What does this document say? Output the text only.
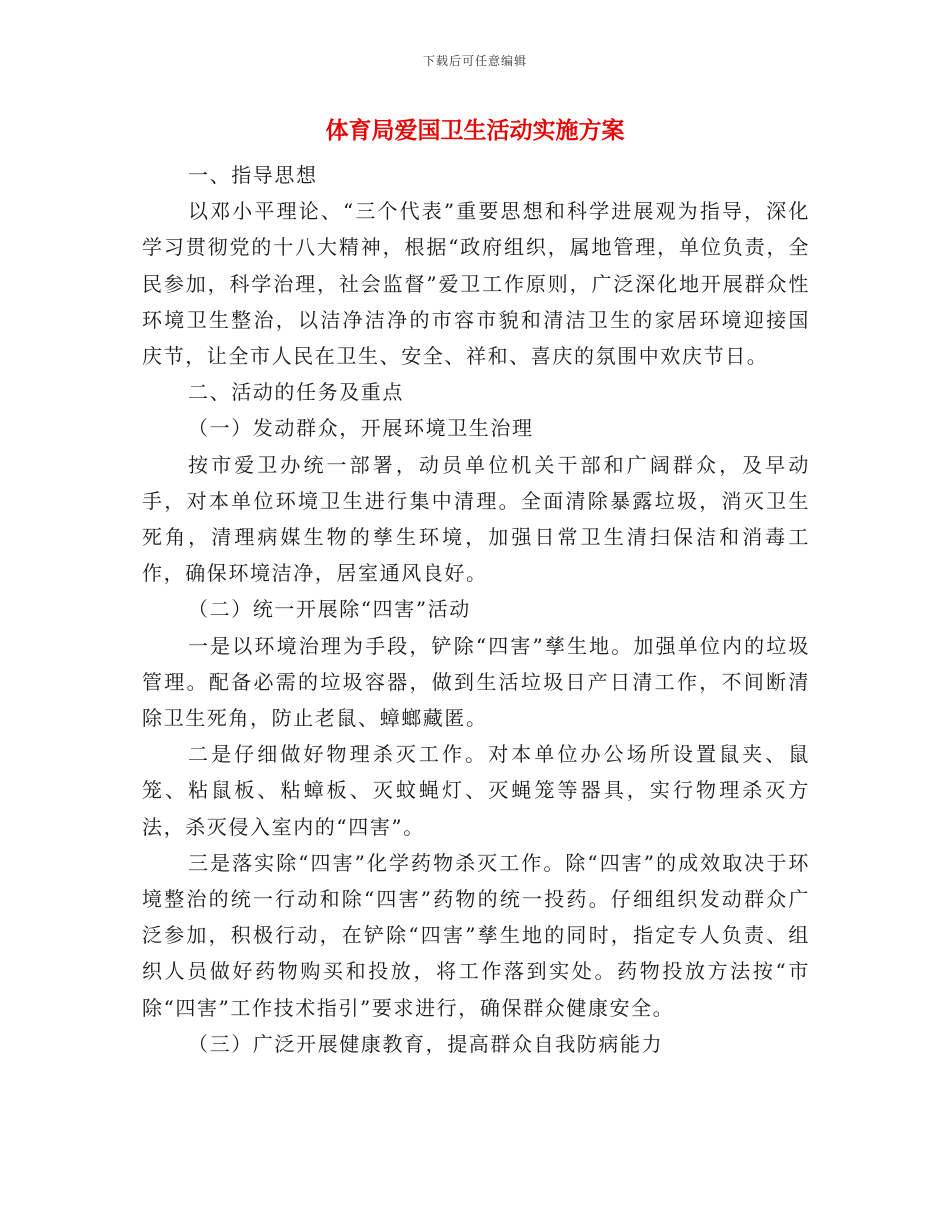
下载后可任意编辑
体育局爱国卫生活动实施方案

一、指导思想

以邓小平理论、“三个代表”重要思想和科学进展观为指导，深化学习贯彻党的十八大精神，根据“政府组织，属地管理，单位负责，全民参加，科学治理，社会监督”爱卫工作原则，广泛深化地开展群众性环境卫生整治，以洁净洁净的市容市貌和清洁卫生的家居环境迎接国庆节，让全市人民在卫生、安全、祥和、喜庆的氛围中欢庆节日。

二、活动的任务及重点

（一）发动群众，开展环境卫生治理

按市爱卫办统一部署，动员单位机关干部和广阔群众，及早动手，对本单位环境卫生进行集中清理。全面清除暴露垃圾，消灭卫生死角，清理病媒生物的孳生环境，加强日常卫生清扫保洁和消毒工作，确保环境洁净，居室通风良好。

（二）统一开展除“四害”活动

一是以环境治理为手段，铲除“四害”孳生地。加强单位内的垃圾管理。配备必需的垃圾容器，做到生活垃圾日产日清工作，不间断清除卫生死角，防止老鼠、蟑螂藏匿。

二是仔细做好物理杀灭工作。对本单位办公场所设置鼠夹、鼠笼、粘鼠板、粘蟑板、灭蚊蝇灯、灭蝇笼等器具，实行物理杀灭方法，杀灭侵入室内的“四害”。

三是落实除“四害”化学药物杀灭工作。除“四害”的成效取决于环境整治的统一行动和除“四害”药物的统一投药。仔细组织发动群众广泛参加，积极行动，在铲除“四害”孳生地的同时，指定专人负责、组织人员做好药物购买和投放，将工作落到实处。药物投放方法按“市除“四害”工作技术指引”要求进行，确保群众健康安全。

（三）广泛开展健康教育，提高群众自我防病能力
